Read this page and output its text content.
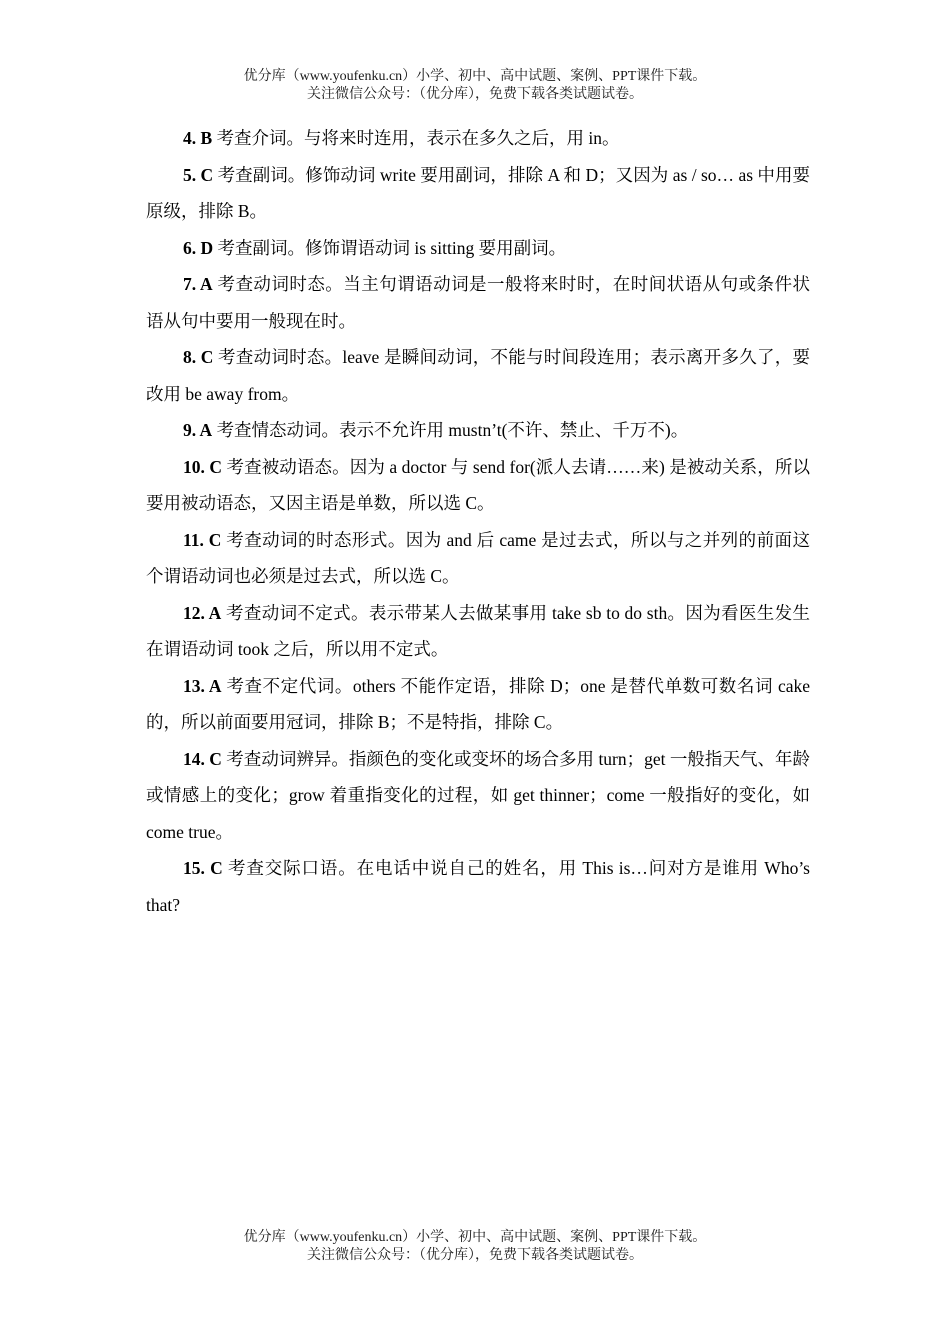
优分库（www.youfenku.cn）小学、初中、高中试题、案例、PPT课件下载。
关注微信公众号：（优分库），免费下载各类试题试卷。

4. B 考查介词。与将来时连用，表示在多久之后，用 in。

5. C 考查副词。修饰动词 write 要用副词，排除 A 和 D；又因为 as / so… as 中用要原级，排除 B。

6. D 考查副词。修饰谓语动词 is sitting 要用副词。

7. A 考查动词时态。当主句谓语动词是一般将来时时，在时间状语从句或条件状语从句中要用一般现在时。

8. C 考查动词时态。leave 是瞬间动词，不能与时间段连用；表示离开多久了，要改用 be away from。

9. A 考查情态动词。表示不允许用 mustn’t(不许、禁止、千万不)。

10. C 考查被动语态。因为 a doctor 与 send for(派人去请……来) 是被动关系，所以要用被动语态，又因主语是单数，所以选 C。

11. C 考查动词的时态形式。因为 and 后 came 是过去式，所以与之并列的前面这个谓语动词也必须是过去式，所以选 C。

12. A 考查动词不定式。表示带某人去做某事用 take sb to do sth。因为看医生发生在谓语动词 took 之后，所以用不定式。

13. A 考查不定代词。others 不能作定语，排除 D；one 是替代单数可数名词 cake 的，所以前面要用冠词，排除 B；不是特指，排除 C。

14. C 考查动词辨异。指颜色的变化或变坏的场合多用 turn；get 一般指天气、年龄或情感上的变化；grow 着重指变化的过程，如 get thinner；come 一般指好的变化，如 come true。

15. C 考查交际口语。在电话中说自己的姓名，用 This is…问对方是谁用 Who’s that?

优分库（www.youfenku.cn）小学、初中、高中试题、案例、PPT课件下载。
关注微信公众号：（优分库），免费下载各类试题试卷。
